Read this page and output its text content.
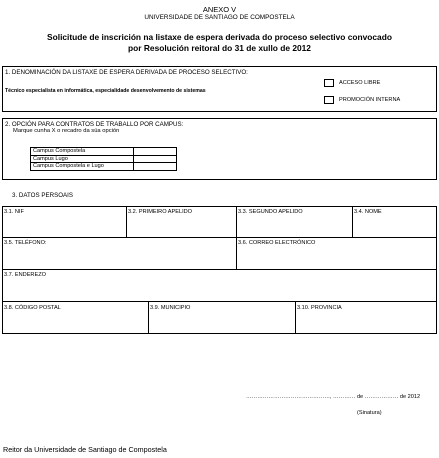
ANEXO V
UNIVERSIDADE DE SANTIAGO DE COMPOSTELA
Solicitude de inscrición na listaxe de espera derivada do proceso selectivo convocado
por Resolución reitoral do 31 de xullo de 2012
1. DENOMINACIÓN DA LISTAXE DE ESPERA DERIVADA DE PROCESO SELECTIVO:
Técnico especialista en informática, especialidade desenvolvemento de sistemas
ACCESO LIBRE
PROMOCIÓN INTERNA
2. OPCIÓN PARA CONTRATOS DE TRABALLO POR CAMPUS:
Marque cunha X o recadro da súa opción
Campus Compostela	
Campus Lugo	
Campus Compostela e Lugo	
3. DATOS PERSOAIS
3.1. NIF	3.2. PRIMEIRO APELIDO	3.3. SEGUNDO APELIDO	3.4. NOME
3.5. TELÉFONO:	3.6. CORREO ELECTRÓNICO
3.7. ENDEREZO
3.8. CÓDIGO POSTAL	3.9. MUNICIPIO	3.10. PROVINCIA
………………………………………, ………… de ……………… de 2012
(Sinatura)
Reitor da Universidade de Santiago de Compostela
